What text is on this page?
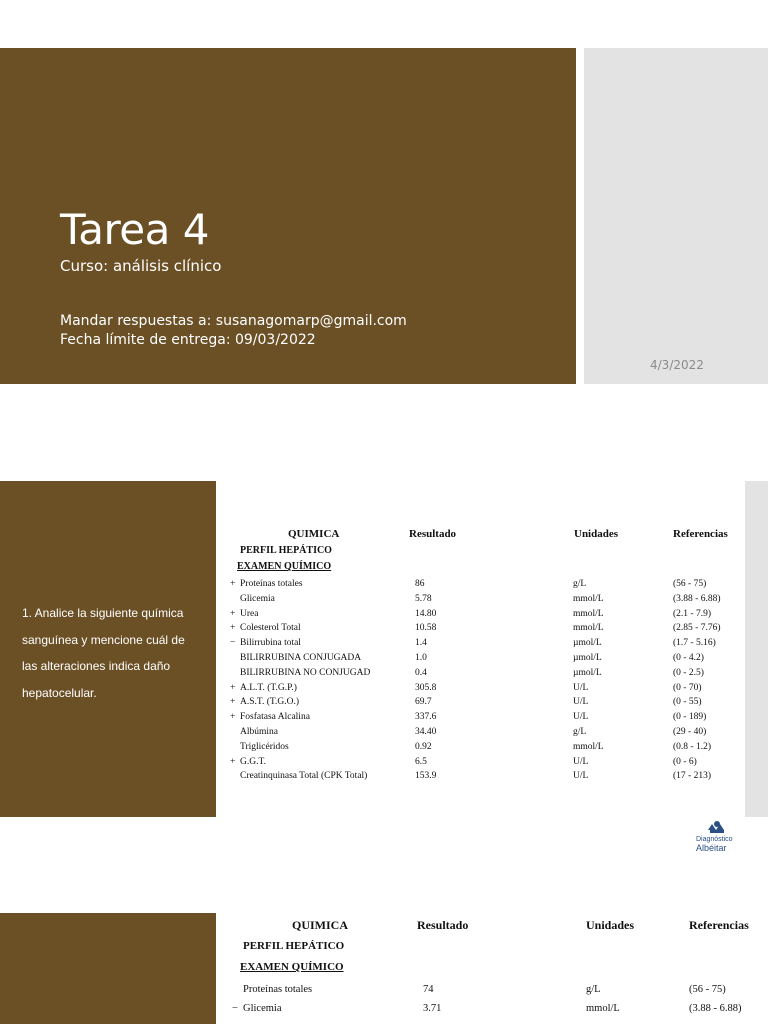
Tarea 4
Curso: análisis clínico
Mandar respuestas a: susanagomarp@gmail.com
Fecha límite de entrega: 09/03/2022
4/3/2022
1. Analice la siguiente química sanguínea y mencione cuál de las alteraciones indica daño hepatocelular.
QUIMICA	Resultado	Unidades	Referencias
PERFIL HEPÁTICO
EXAMEN QUÍMICO
+ Proteínas totales	86	g/L	(56 - 75)
Glicemia	5.78	mmol/L	(3.88 - 6.88)
+ Urea	14.80	mmol/L	(2.1 - 7.9)
+ Colesterol Total	10.58	mmol/L	(2.85 - 7.76)
− Bilirrubina total	1.4	µmol/L	(1.7 - 5.16)
BILIRRUBINA CONJUGADA	1.0	µmol/L	(0 - 4.2)
BILIRRUBINA NO CONJUGAD	0.4	µmol/L	(0 - 2.5)
+ A.L.T. (T.G.P.)	305.8	U/L	(0 - 70)
+ A.S.T. (T.G.O.)	69.7	U/L	(0 - 55)
+ Fosfatasa Alcalina	337.6	U/L	(0 - 189)
Albúmina	34.40	g/L	(29 - 40)
Triglicéridos	0.92	mmol/L	(0.8 - 1.2)
+ G.G.T.	6.5	U/L	(0 - 6)
Creatinquinasa Total (CPK Total)	153.9	U/L	(17 - 213)
Diagnóstico
Albéitar
QUIMICA	Resultado	Unidades	Referencias
PERFIL HEPÁTICO
EXAMEN QUÍMICO
Proteínas totales	74	g/L	(56 - 75)
− Glicemia	3.71	mmol/L	(3.88 - 6.88)
